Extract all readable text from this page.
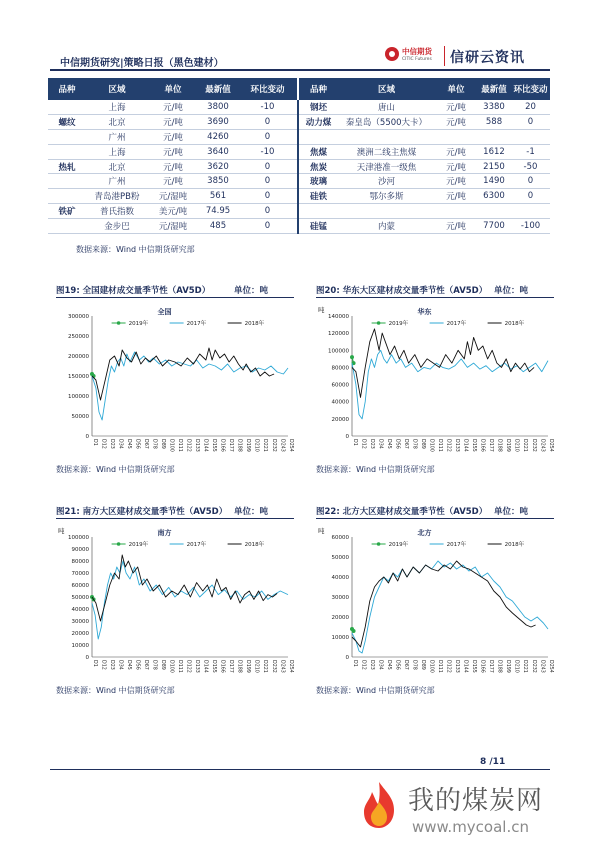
中信期货研究|策略日报（黑色建材）
中信期货
CITIC Futures 信研云资讯
品种	区域	单位	最新值	环比变动	品种	区域	单位	最新值	环比变动
	上海	元/吨	3800	-10	钢坯	唐山	元/吨	3380	20
螺纹	北京	元/吨	3690	0	动力煤	秦皇岛（5500大卡）	元/吨	588	0
	广州	元/吨	4260	0					
	上海	元/吨	3640	-10	焦煤	澳洲二线主焦煤	元/吨	1612	-1
热轧	北京	元/吨	3620	0	焦炭	天津港准一级焦	元/吨	2150	-50
	广州	元/吨	3850	0	玻璃	沙河	元/吨	1490	0
	青岛港PB粉	元/湿吨	561	0	硅铁	鄂尔多斯	元/吨	6300	0
铁矿	普氏指数	美元/吨	74.95	0					
	金步巴	元/湿吨	485	0	硅锰	内蒙	元/吨	7700	-100
数据来源：Wind 中信期货研究部
图19: 全国建材成交量季节性（AV5D）	单位：吨
数据来源：Wind 中信期货研究部
全国
0
50000
100000
150000
200000
250000
300000
D1 D12 D23 D34 D45 D56 D67 D78 D89 D100 D111 D122 D133 D144 D155 D166 D177 D188 D199 D210 D221 D232 D243 D254
2019年	2017年	2018年
图20: 华东大区建材成交量季节性（AV5D） 单位：吨
数据来源：Wind 中信期货研究部
吨	华东
0
20000
40000
60000
80000
100000
120000
140000
D1 D12 D23 D34 D45 D56 D67 D78 D89 D100 D111 D122 D133 D144 D155 D166 D177 D188 D199 D210 D221 D232 D243 D254
2019年	2017年	2018年
图21: 南方大区建材成交量季节性（AV5D） 单位：吨
数据来源：Wind 中信期货研究部
吨	南方
0
10000
20000
30000
40000
50000
60000
70000
80000
90000
100000
D1 D12 D23 D34 D45 D56 D67 D78 D89 D100 D111 D122 D133 D144 D155 D166 D177 D188 D199 D210 D221 D232 D243 D254
2019年	2017年	2018年
图22: 北方大区建材成交量季节性（AV5D） 单位：吨
数据来源：Wind 中信期货研究部
吨	北方
0
10000
20000
30000
40000
50000
60000
D1 D12 D23 D34 D45 D56 D67 D78 D89 D100 D111 D122 D133 D144 D155 D166 D177 D188 D199 D210 D221 D232 D243 D254
2019年	2017年	2018年
8 /11
我的煤炭网
www.mycoal.cn
